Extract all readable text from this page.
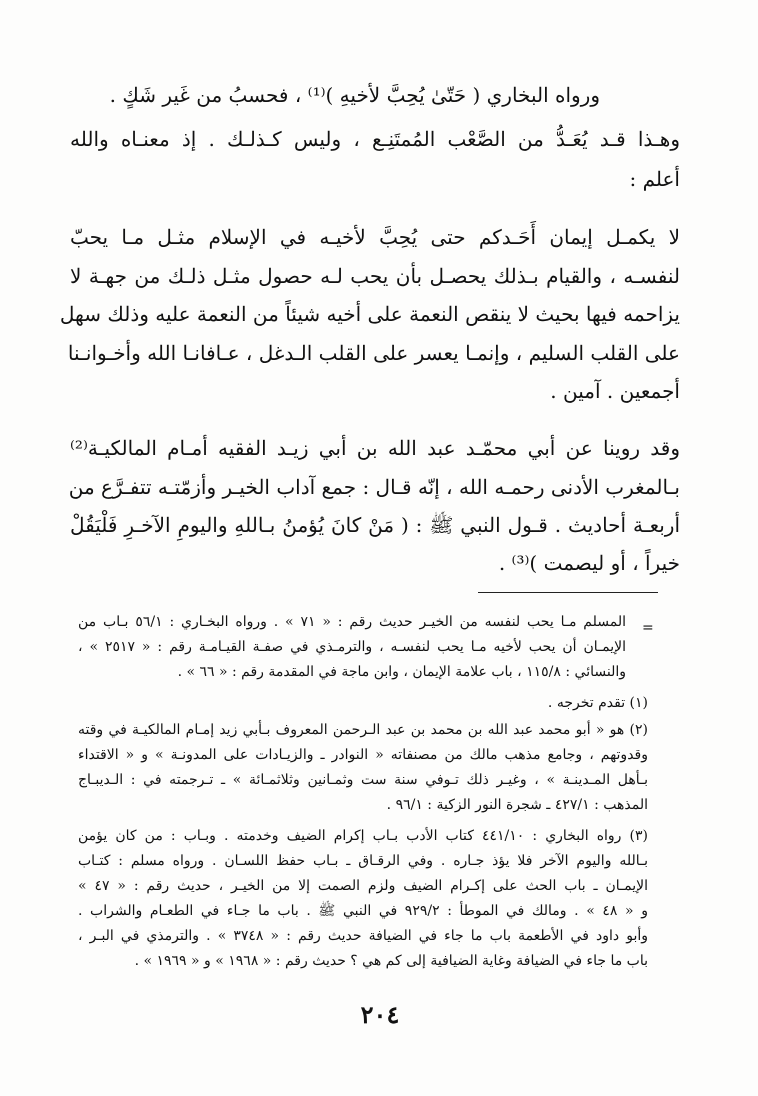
ورواه البخاري ( حَتّىٰ يُحِبَّ لأخيهِ )⁽¹⁾ ، فحسبُ من غَير شَكٍ .
وهـذا قـد يُعَـدُّ من الصَّعْب المُمتَنِـع ، وليس كـذلـك . إذ معنـاه والله
أعلم :
لا يكمـل إيمان أَحَـدكم حتى يُحِبَّ لأخيـه في الإسلام مثـل مـا يحبّ
لنفسـه ، والقيام بـذلك يحصـل بأن يحب لـه حصول مثـل ذلـك من جهـة لا
يزاحمه فيها بحيث لا ينقص النعمة على أخيه شيئاً من النعمة عليه وذلك سهل
على القلب السليم ، وإنمـا يعسر على القلب الـدغل ، عـافانـا الله وأخـوانـنا
أجمعين . آمين .
وقد روينا عن أبي محمّـد عبد الله بن أبي زيـد الفقيه أمـام المالكيـة⁽²⁾
بـالمغرب الأدنى رحمـه الله ، إنّه قـال : جمع آداب الخيـر وأزمّتـه تتفـرَّع من
أربعـة أحاديث . قـول النبي ﷺ : ( مَنْ كانَ يُؤمنُ بـاللهِ واليومِ الآخـرِ فَلْيَقُلْ
خيراً ، أو ليصمت )⁽³⁾ .
=
المسلم مـا يحب لنفسه من الخيـر حديث رقم : « ٧١ » . ورواه البخـاري : ٥٦/١ بـاب من
الإيمـان أن يحب لأخيه مـا يحب لنفسـه ، والترمـذي في صفـة القيـامـة رقم : « ٢٥١٧ » ،
والنسائي : ١١٥/٨ ، باب علامة الإيمان ، وابن ماجة في المقدمة رقم : « ٦٦ » .
(١) تقدم تخرجه .
(٢) هو « أبو محمد عبد الله بن محمد بن عبد الـرحمن المعروف بـأبي زيد إمـام المالكيـة في وقته
وقدوتهم ، وجامع مذهب مالك من مصنفاته « النوادر ـ والزيـادات على المدونـة » و « الاقتداء
بـأهل المـدينـة » ، وغيـر ذلك تـوفي سنة ست وثمـانين وثلاثمـائة » ـ تـرجمته في : الـديبـاج
المذهب : ٤٢٧/١ ـ شجرة النور الزكية : ٩٦/١ .
(٣) رواه البخاري : ٤٤١/١٠ كتاب الأدب بـاب إكرام الضيف وخدمته . وبـاب : من كان يؤمن
بـالله واليوم الآخر فلا يؤذ جـاره . وفي الرقـاق ـ بـاب حفظ اللسـان . ورواه مسلم : كتـاب
الإيمـان ـ باب الحث على إكـرام الضيف ولزم الصمت إلا من الخيـر ، حديث رقم : « ٤٧ »
و « ٤٨ » . ومالك في الموطأ : ٩٢٩/٢ في النبي ﷺ . باب ما جـاء في الطعـام والشراب .
وأبو داود في الأطعمة باب ما جاء في الضيافة حديث رقم : « ٣٧٤٨ » . والترمذي في البـر ،
باب ما جاء في الضيافة وغاية الضيافية إلى كم هي ؟ حديث رقم : « ١٩٦٨ » و « ١٩٦٩ » .
٢٠٤
